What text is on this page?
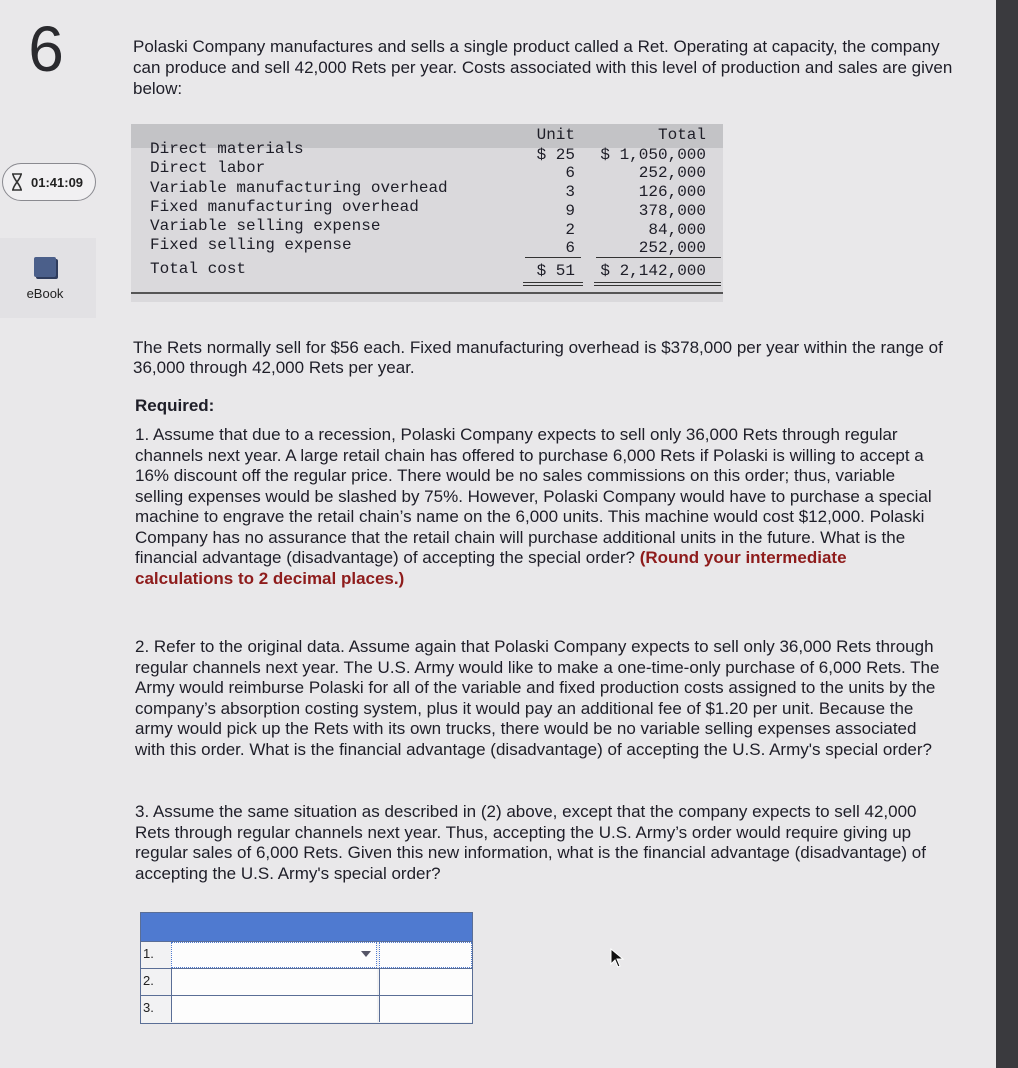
6
01:41:09
eBook
Polaski Company manufactures and sells a single product called a Ret. Operating at capacity, the company can produce and sell 42,000 Rets per year. Costs associated with this level of production and sales are given below:
Unit	Total
Direct materials	$ 25 $ 1,050,000
Direct labor	6	252,000
Variable manufacturing overhead	3	126,000
Fixed manufacturing overhead	9	378,000
Variable selling expense	2	84,000
Fixed selling expense	6	252,000
Total cost	$ 51 $ 2,142,000
The Rets normally sell for $56 each. Fixed manufacturing overhead is $378,000 per year within the range of 36,000 through 42,000 Rets per year.
Required:
1. Assume that due to a recession, Polaski Company expects to sell only 36,000 Rets through regular channels next year. A large retail chain has offered to purchase 6,000 Rets if Polaski is willing to accept a 16% discount off the regular price. There would be no sales commissions on this order; thus, variable selling expenses would be slashed by 75%. However, Polaski Company would have to purchase a special machine to engrave the retail chain’s name on the 6,000 units. This machine would cost $12,000. Polaski Company has no assurance that the retail chain will purchase additional units in the future. What is the financial advantage (disadvantage) of accepting the special order? (Round your intermediate calculations to 2 decimal places.)
2. Refer to the original data. Assume again that Polaski Company expects to sell only 36,000 Rets through regular channels next year. The U.S. Army would like to make a one-time-only purchase of 6,000 Rets. The Army would reimburse Polaski for all of the variable and fixed production costs assigned to the units by the company’s absorption costing system, plus it would pay an additional fee of $1.20 per unit. Because the army would pick up the Rets with its own trucks, there would be no variable selling expenses associated with this order. What is the financial advantage (disadvantage) of accepting the U.S. Army's special order?
3. Assume the same situation as described in (2) above, except that the company expects to sell 42,000 Rets through regular channels next year. Thus, accepting the U.S. Army’s order would require giving up regular sales of 6,000 Rets. Given this new information, what is the financial advantage (disadvantage) of accepting the U.S. Army's special order?
1.
2.
3.
